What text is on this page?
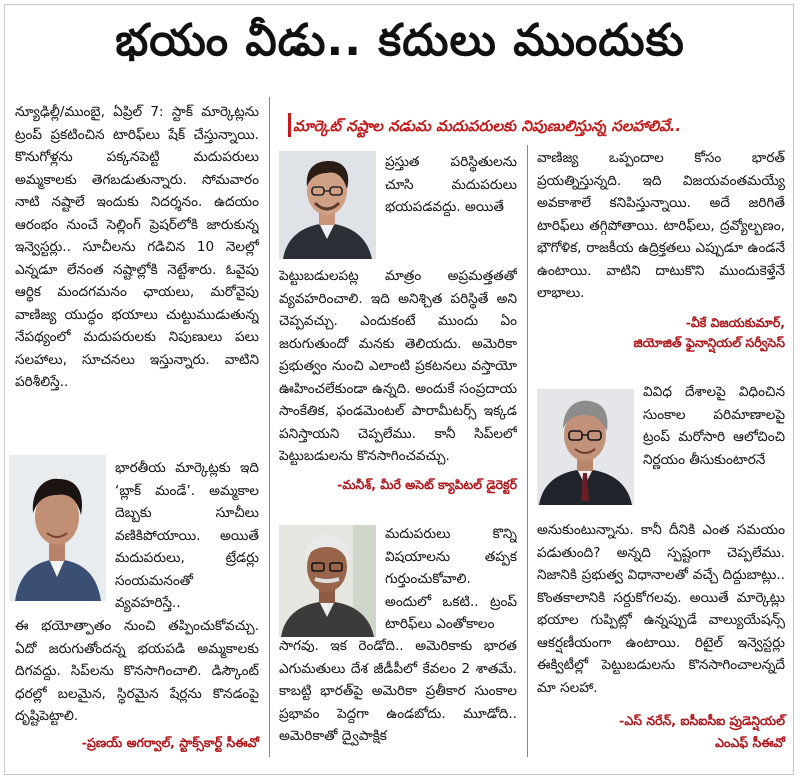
భయం వీడు.. కదులు ముందుకు
మార్కెట్ నష్టాల నడుమ మదుపరులకు నిపుణులిస్తున్న సలహాలివే..
న్యూఢిల్లీ/ముంబై, ఏప్రిల్ 7: స్టాక్ మార్కెట్లను ట్రంప్ ప్రకటించిన టారిఫ్‌లు షేక్ చేస్తున్నాయి. కొనుగోళ్లను పక్కనపెట్టి మదుపరులు అమ్మకాలకు తెగబడుతున్నారు. సోమవారం నాటి నష్టాలే ఇందుకు నిదర్శనం. ఉదయం ఆరంభం నుంచే సెల్లింగ్ ప్రెషర్‌లోకి జారుకున్న ఇన్వెస్టర్లు.. సూచీలను గడిచిన 10 నెలల్లో ఎన్నడూ లేనంత నష్టాల్లోకి నెట్టేశారు. ఓవైపు ఆర్థిక మందగమనం ఛాయలు, మరోవైపు వాణిజ్య యుద్ధం భయాలు చుట్టుముడుతున్న నేపథ్యంలో మదుపరులకు నిపుణులు పలు సలహాలు, సూచనలు ఇస్తున్నారు. వాటిని పరిశీలిస్తే..
భారతీయ మార్కెట్లకు ఇది ‘బ్లాక్ మండే’. అమ్మకాల దెబ్బకు సూచీలు వణికిపోయాయి. అయితే మదుపరులు, ట్రేడర్లు సంయమనంతో వ్యవహరిస్తే..
ఈ భయోత్పాతం నుంచి తప్పించుకోవచ్చు. ఏదో జరుగుతోందన్న భయపడి అమ్మకాలకు దిగవద్దు. సిప్‌లను కొనసాగించాలి. డిస్కౌంట్ ధరల్లో బలమైన, స్థిరమైన షేర్లను కొనడంపై దృష్టిపెట్టాలి.
-ప్రణయ్ అగర్వాల్, స్టాక్స్‌కార్ట్ సీఈవో
ప్రస్తుత పరిస్థితులను చూసి మదుపరులు భయపడవద్దు. అయితే
పెట్టుబడులపట్ల మాత్రం అప్రమత్తతతో వ్యవహరించాలి. ఇది అనిశ్చిత పరిస్థితే అని చెప్పవచ్చు. ఎందుకంటే ముందు ఏం జరుగుతుందో మనకు తెలియదు. అమెరికా ప్రభుత్వం నుంచి ఎలాంటి ప్రకటనలు వస్తాయో ఊహించలేకుండా ఉన్నది. అందుకే సంప్రదాయ సాంకేతిక, ఫండమెంటల్ పారామీటర్స్ ఇక్కడ పనిస్తాయని చెప్పలేము. కానీ సిప్‌లలో పెట్టుబడులను కొనసాగించవచ్చు.
-మనీశ్, మీరే అసెట్ క్యాపిటల్ డైరెక్టర్
మదుపరులు కొన్ని విషయాలను తప్పక గుర్తుంచుకోవాలి. అందులో ఒకటి.. ట్రంప్ టారిఫ్‌లు ఎంతోకాలం
సాగవు. ఇక రెండోది.. అమెరికాకు భారత ఎగుమతులు దేశ జీడీపీలో కేవలం 2 శాతమే. కాబట్టి భారత్‌పై అమెరికా ప్రతీకార సుంకాల ప్రభావం పెద్దగా ఉండబోదు. మూడోది.. అమెరికాతో ద్వైపాక్షిక
వాణిజ్య ఒప్పందాల కోసం భారత్ ప్రయత్నిస్తున్నది. ఇది విజయవంతమయ్యే అవకాశాలే కనిపిస్తున్నాయి. అదే జరిగితే టారిఫ్‌లు తగ్గిపోతాయి. టారిఫ్‌లు, ద్రవ్యోల్బణం, భౌగోళిక, రాజకీయ ఉద్రిక్తతలు ఎప్పుడూ ఉండనే ఉంటాయి. వాటిని దాటుకొని ముందుకెళ్తేనే లాభాలు.
-వీకే విజయకుమార్,
జియోజిత్ ఫైనాన్షియల్ సర్వీసెస్
వివిధ దేశాలపై విధించిన సుంకాల పరిమాణాలపై ట్రంప్ మరోసారి ఆలోచించి నిర్ణయం తీసుకుంటారనే
అనుకుంటున్నాను. కానీ దీనికి ఎంత సమయం పడుతుంది? అన్నది స్పష్టంగా చెప్పలేము. నిజానికి ప్రభుత్వ విధానాలతో వచ్చే దిద్దుబాట్లు.. కొంతకాలానికి సర్దుకోగలవు. అయితే మార్కెట్లు భయాల గుప్పిట్లో ఉన్నప్పుడే వాల్యుయేషన్స్ ఆకర్షణీయంగా ఉంటాయి. రిటైల్ ఇన్వెస్టర్లు ఈక్విటీల్లో పెట్టుబడులను కొనసాగించాలన్నదే మా సలహా.
-ఎస్ నరేన్, ఐసీఐసీఐ ప్రుడెన్షియల్
ఎంఎఫ్ సీఈవో
